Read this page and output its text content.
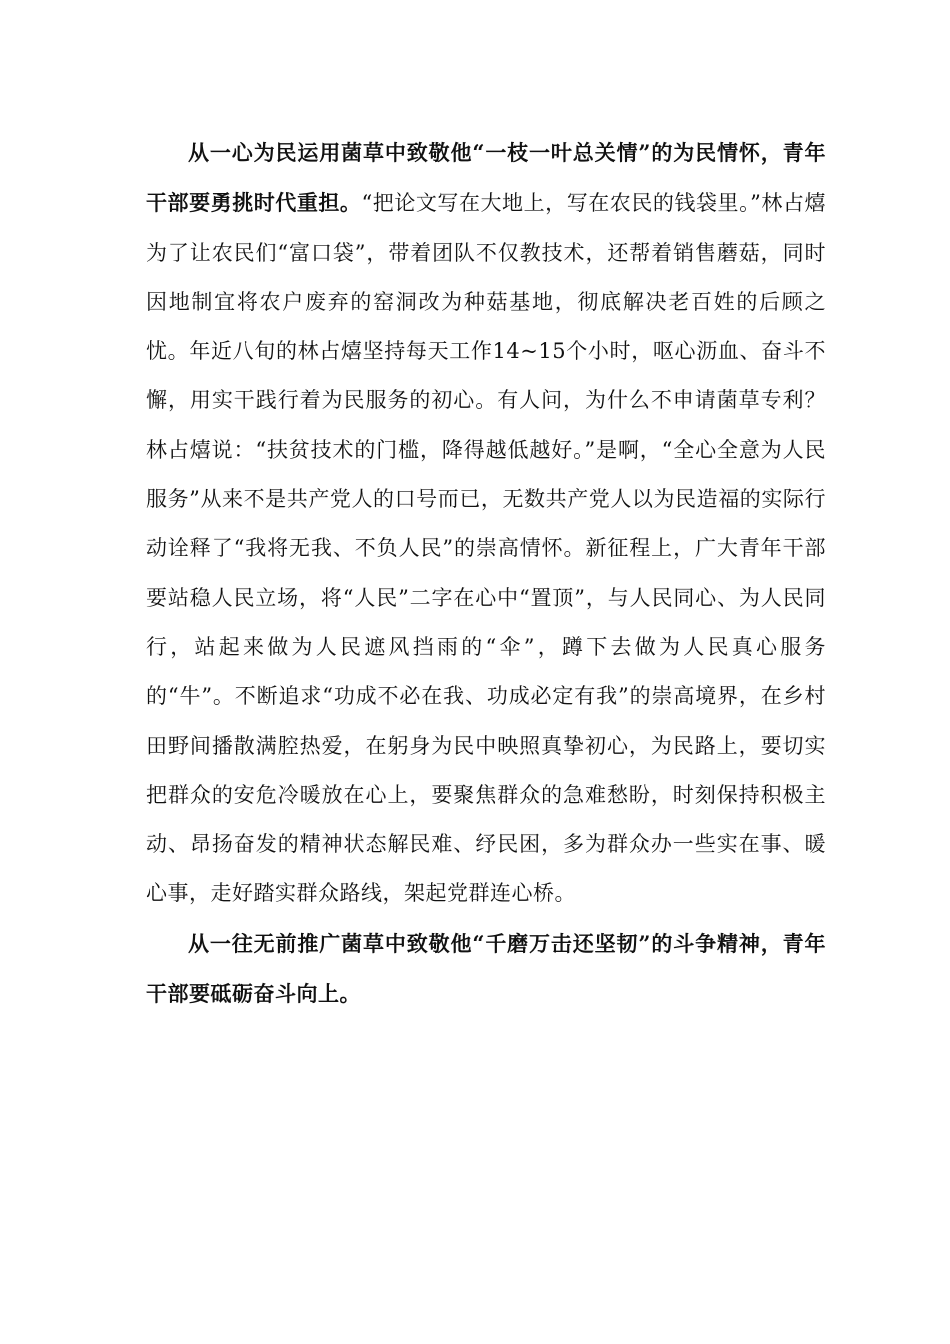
从一心为民运用菌草中致敬他“一枝一叶总关情”的为民情怀，青年干部要勇挑时代重担。“把论文写在大地上，写在农民的钱袋里。”林占熺为了让农民们“富口袋”，带着团队不仅教技术，还帮着销售蘑菇，同时因地制宜将农户废弃的窑洞改为种菇基地，彻底解决老百姓的后顾之忧。年近八旬的林占熺坚持每天工作14~15个小时，呕心沥血、奋斗不懈，用实干践行着为民服务的初心。有人问，为什么不申请菌草专利？林占熺说：“扶贫技术的门槛，降得越低越好。”是啊，“全心全意为人民服务”从来不是共产党人的口号而已，无数共产党人以为民造福的实际行动诠释了“我将无我、不负人民”的崇高情怀。新征程上，广大青年干部要站稳人民立场，将“人民”二字在心中“置顶”，与人民同心、为人民同行，站起来做为人民遮风挡雨的“伞”，蹲下去做为人民真心服务的“牛”。不断追求“功成不必在我、功成必定有我”的崇高境界，在乡村田野间播散满腔热爱，在躬身为民中映照真挚初心，为民路上，要切实把群众的安危冷暖放在心上，要聚焦群众的急难愁盼，时刻保持积极主动、昂扬奋发的精神状态解民难、纾民困，多为群众办一些实在事、暖心事，走好踏实群众路线，架起党群连心桥。

从一往无前推广菌草中致敬他“千磨万击还坚韧”的斗争精神，青年干部要砥砺奋斗向上。
